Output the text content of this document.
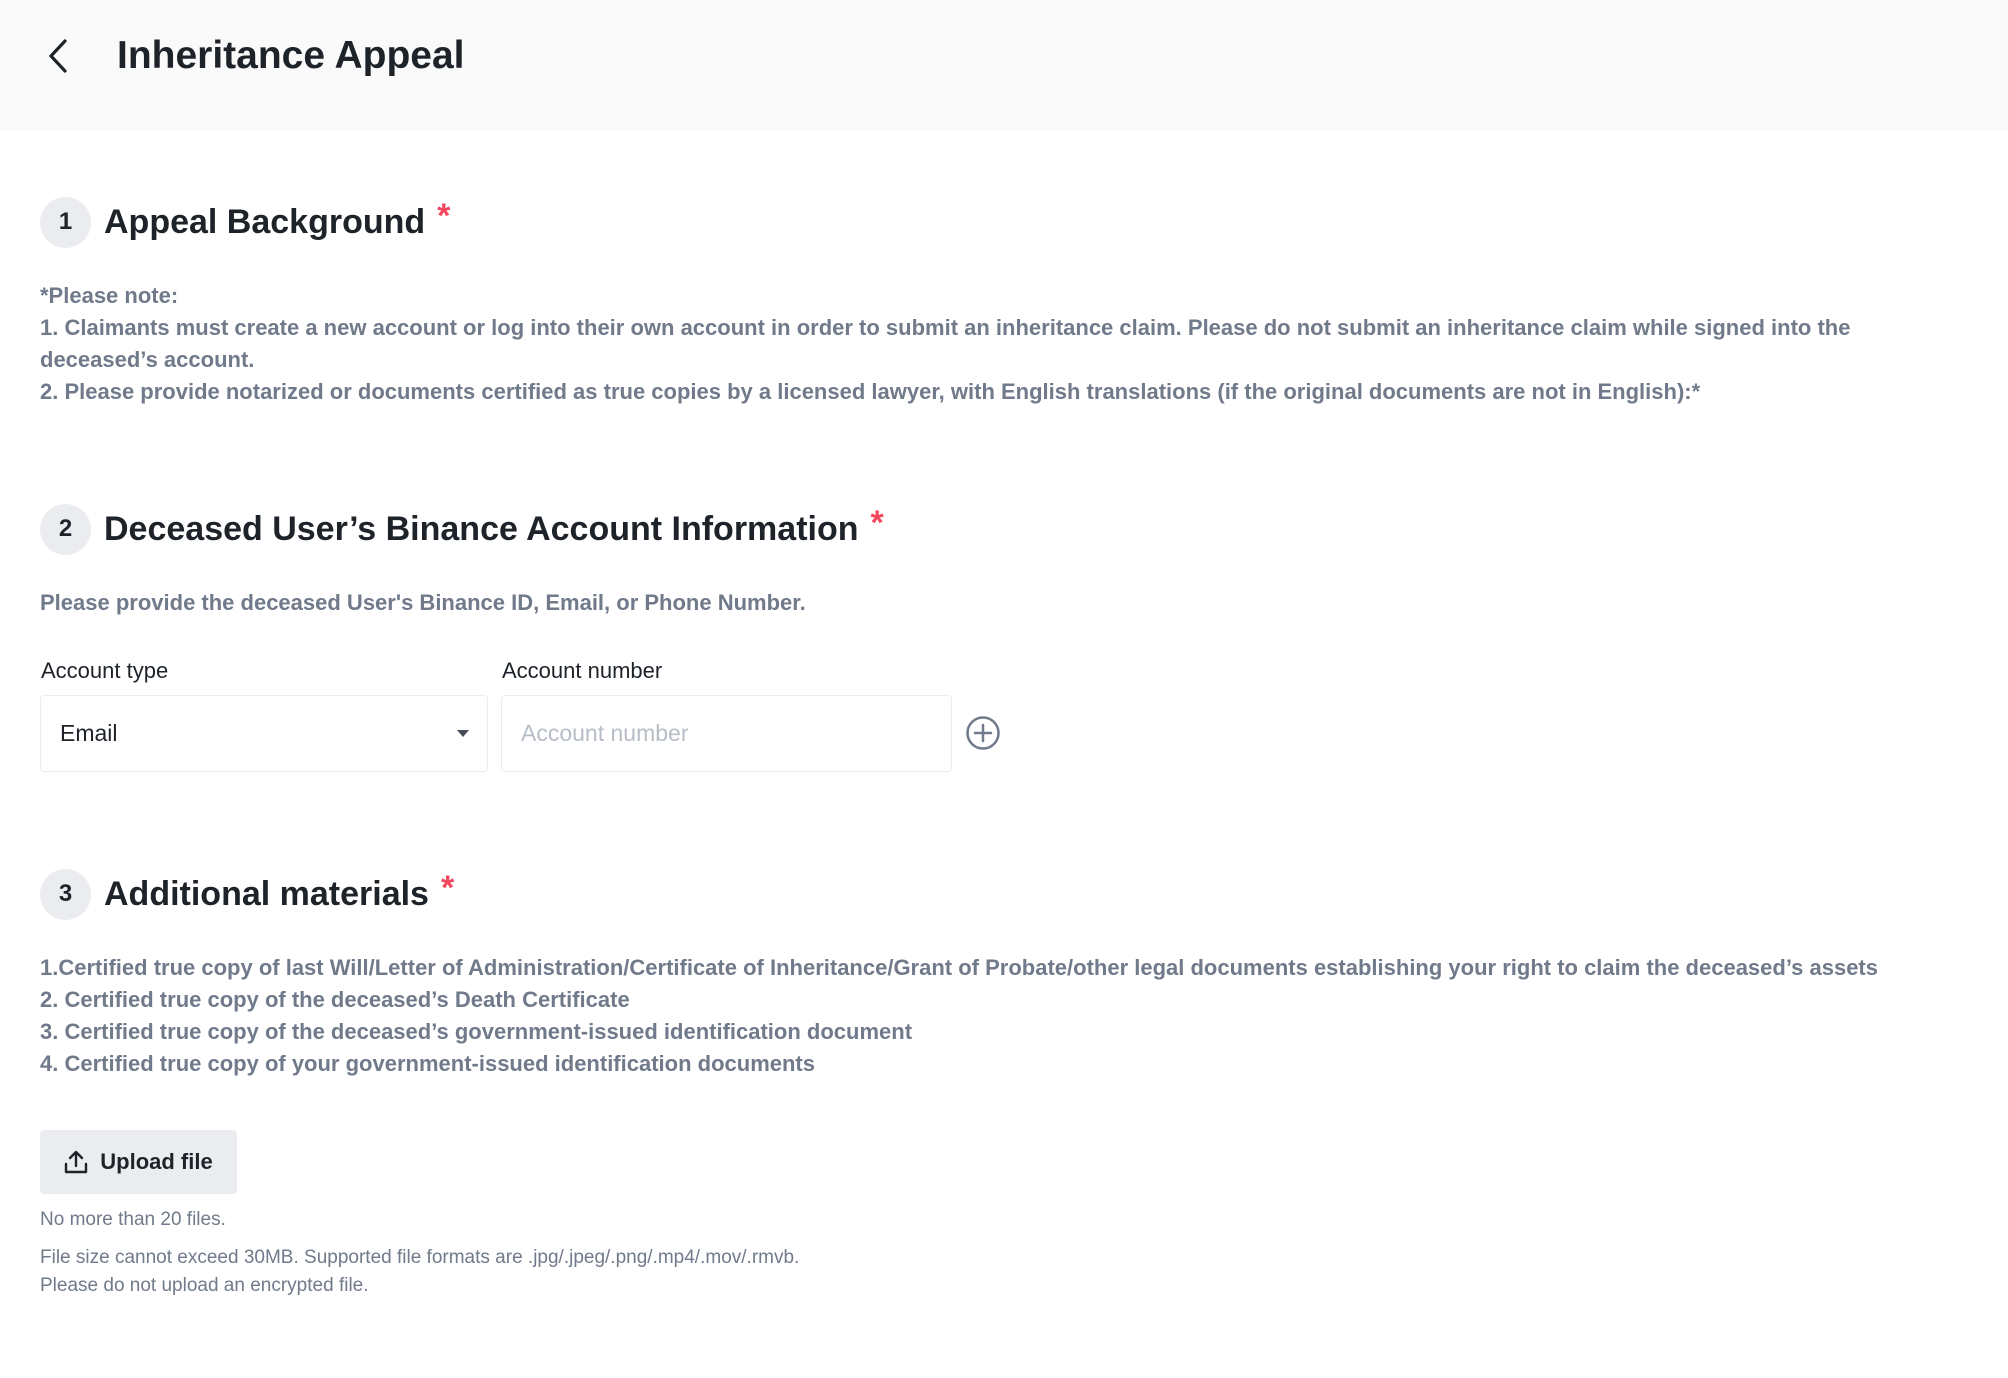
Inheritance Appeal
1 Appeal Background *
*Please note:
1. Claimants must create a new account or log into their own account in order to submit an inheritance claim. Please do not submit an inheritance claim while signed into the deceased’s account.
2. Please provide notarized or documents certified as true copies by a licensed lawyer, with English translations (if the original documents are not in English):*
2 Deceased User’s Binance Account Information *
Please provide the deceased User's Binance ID, Email, or Phone Number.
Account type	Account number
Email
Account number
3 Additional materials *
1.Certified true copy of last Will/Letter of Administration/Certificate of Inheritance/Grant of Probate/other legal documents establishing your right to claim the deceased’s assets
2. Certified true copy of the deceased’s Death Certificate
3. Certified true copy of the deceased’s government-issued identification document
4. Certified true copy of your government-issued identification documents
Upload file
No more than 20 files.
File size cannot exceed 30MB. Supported file formats are .jpg/.jpeg/.png/.mp4/.mov/.rmvb.
Please do not upload an encrypted file.
